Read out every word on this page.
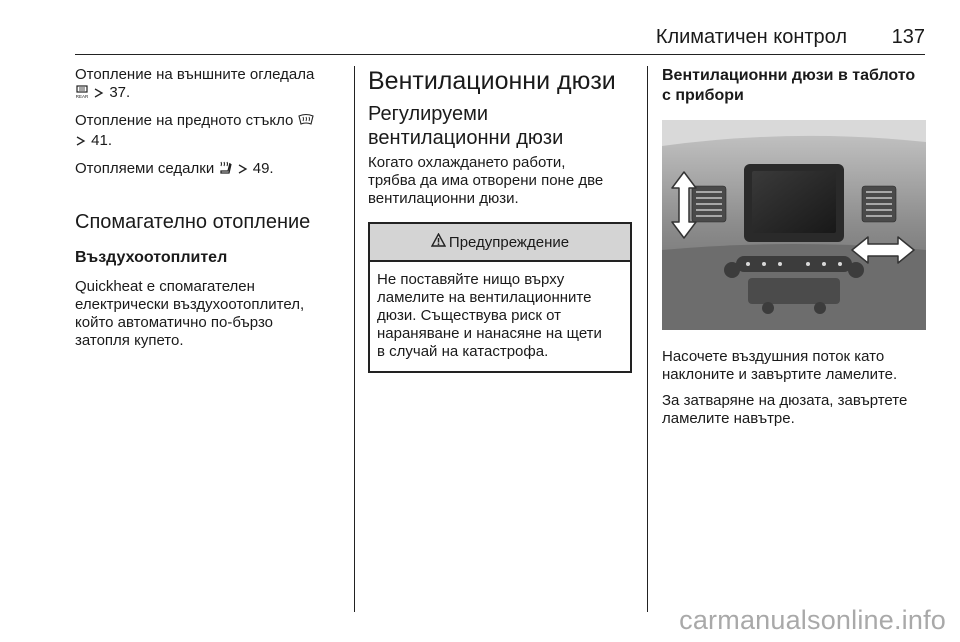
Климатичен контрол 137

Отопление на външните огледала

REAR 37.

Отопление на предното стъкло
41.

Отопляеми седалки	49.

Спомагателно отопление
Въздухоотоплител

Quickheat е спомагателен
електрически въздухоотоплител,
който автоматично по-бързо
затопля купето.

Вентилационни дюзи
Регулируеми
вентилационни дюзи

Когато охлаждането работи,
трябва да има отворени поне две
вентилационни дюзи.

Предупреждение
Не поставяйте нищо върху
ламелите на вентилационните
дюзи. Съществува риск от
нараняване и нанасяне на щети
в случай на катастрофа.
Вентилационни дюзи в таблото
с прибори

Насочете въздушния поток като
наклоните и завъртите ламелите.

За затваряне на дюзата, завъртете
ламелите навътре.

carmanualsonline.info
